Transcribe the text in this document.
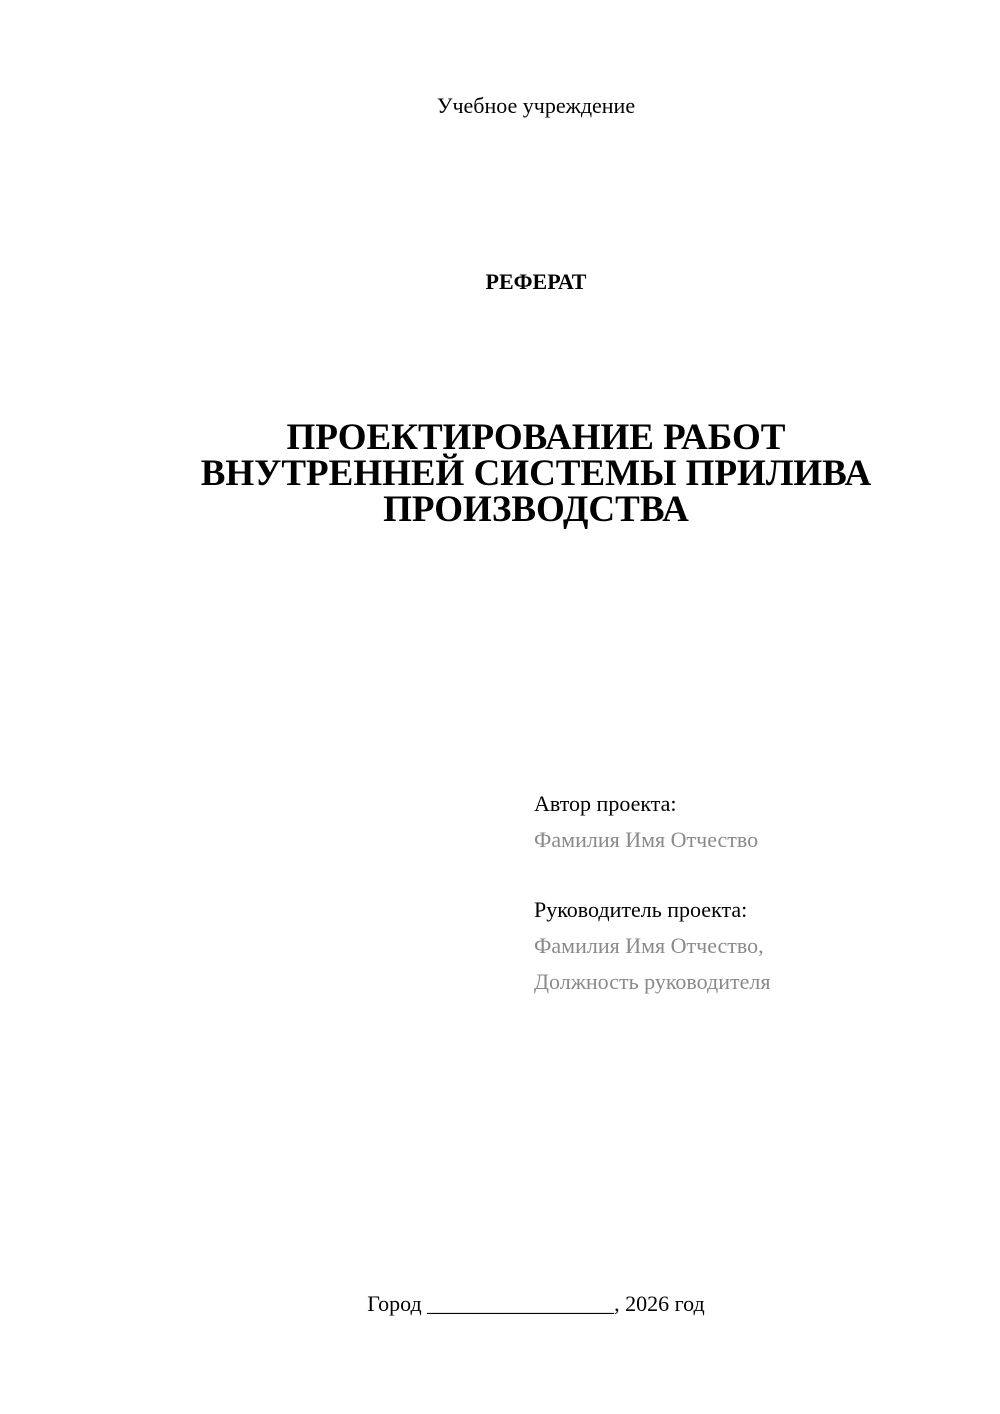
Учебное учреждение
РЕФЕРАТ
ПРОЕКТИРОВАНИЕ РАБОТ
ВНУТРЕННЕЙ СИСТЕМЫ ПРИЛИВА
ПРОИЗВОДСТВА
Автор проекта:
Фамилия Имя Отчество
Руководитель проекта:
Фамилия Имя Отчество,
Должность руководителя
Город _________________, 2026 год
